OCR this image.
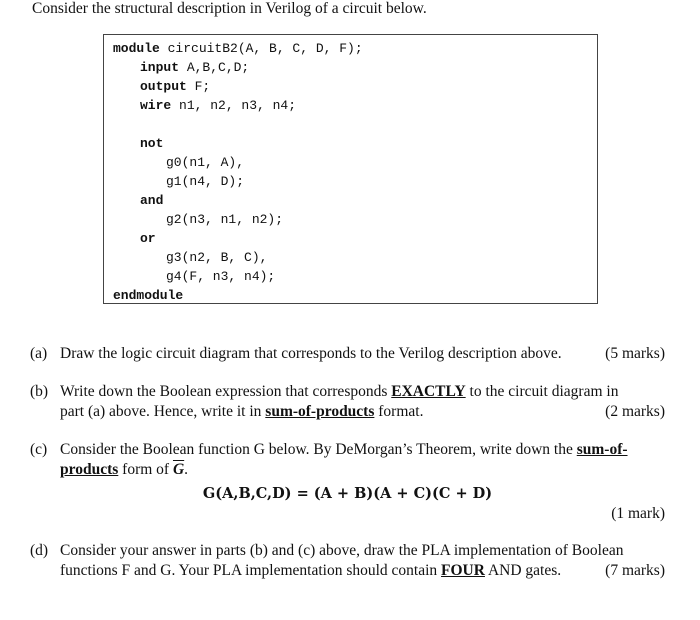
Consider the structural description in Verilog of a circuit below.
module circuitB2(A, B, C, D, F);
input A,B,C,D;
output F;
wire n1, n2, n3, n4;
not
g0(n1, A),
g1(n4, D);
and
g2(n3, n1, n2);
or
g3(n2, B, C),
g4(F, n3, n4);
endmodule
(a) Draw the logic circuit diagram that corresponds to the Verilog description above.	(5 marks)
(b) Write down the Boolean expression that corresponds EXACTLY to the circuit diagram in
part (a) above. Hence, write it in sum-of-products format.	(2 marks)
(c) Consider the Boolean function G below. By DeMorgan’s Theorem, write down the sum-of-
products form of $\overline{G}$.
G(A,B,C,D) = (A + B)(A + C)(C + D)
(1 mark)
(d) Consider your answer in parts (b) and (c) above, draw the PLA implementation of Boolean
functions F and G. Your PLA implementation should contain FOUR AND gates.	(7 marks)
